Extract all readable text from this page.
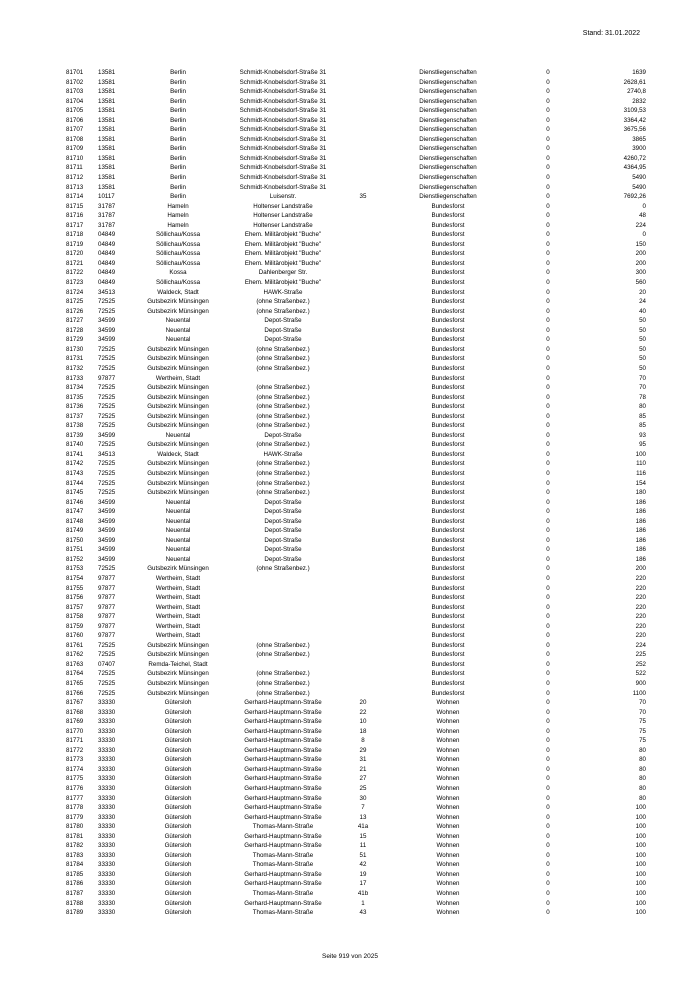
Stand: 31.01.2022
81701	13581	Berlin	Schmidt-Knobelsdorf-Straße 31		Dienstliegenschaften	0	1639
81702	13581	Berlin	Schmidt-Knobelsdorf-Straße 31		Dienstliegenschaften	0	2628,61
81703	13581	Berlin	Schmidt-Knobelsdorf-Straße 31		Dienstliegenschaften	0	2740,8
81704	13581	Berlin	Schmidt-Knobelsdorf-Straße 31		Dienstliegenschaften	0	2832
81705	13581	Berlin	Schmidt-Knobelsdorf-Straße 31		Dienstliegenschaften	0	3109,53
81706	13581	Berlin	Schmidt-Knobelsdorf-Straße 31		Dienstliegenschaften	0	3364,42
81707	13581	Berlin	Schmidt-Knobelsdorf-Straße 31		Dienstliegenschaften	0	3675,56
81708	13581	Berlin	Schmidt-Knobelsdorf-Straße 31		Dienstliegenschaften	0	3865
81709	13581	Berlin	Schmidt-Knobelsdorf-Straße 31		Dienstliegenschaften	0	3900
81710	13581	Berlin	Schmidt-Knobelsdorf-Straße 31		Dienstliegenschaften	0	4260,72
81711	13581	Berlin	Schmidt-Knobelsdorf-Straße 31		Dienstliegenschaften	0	4364,95
81712	13581	Berlin	Schmidt-Knobelsdorf-Straße 31		Dienstliegenschaften	0	5490
81713	13581	Berlin	Schmidt-Knobelsdorf-Straße 31		Dienstliegenschaften	0	5490
81714	10117	Berlin	Luisenstr.	35	Dienstliegenschaften	0	7692,26
81715	31787	Hameln	Holtenser Landstraße		Bundesforst	0	0
81716	31787	Hameln	Holtenser Landstraße		Bundesforst	0	48
81717	31787	Hameln	Holtenser Landstraße		Bundesforst	0	224
81718	04849	Söllichau/Kossa	Ehem. Militärobjekt "Buche"		Bundesforst	0	0
81719	04849	Söllichau/Kossa	Ehem. Militärobjekt "Buche"		Bundesforst	0	150
81720	04849	Söllichau/Kossa	Ehem. Militärobjekt "Buche"		Bundesforst	0	200
81721	04849	Söllichau/Kossa	Ehem. Militärobjekt "Buche"		Bundesforst	0	200
81722	04849	Kossa	Dahlenberger Str.		Bundesforst	0	300
81723	04849	Söllichau/Kossa	Ehem. Militärobjekt "Buche"		Bundesforst	0	560
81724	34513	Waldeck, Stadt	HAWK-Straße		Bundesforst	0	20
81725	72525	Gutsbezirk Münsingen	(ohne Straßenbez.)		Bundesforst	0	24
81726	72525	Gutsbezirk Münsingen	(ohne Straßenbez.)		Bundesforst	0	40
81727	34599	Neuental	Depot-Straße		Bundesforst	0	50
81728	34599	Neuental	Depot-Straße		Bundesforst	0	50
81729	34599	Neuental	Depot-Straße		Bundesforst	0	50
81730	72525	Gutsbezirk Münsingen	(ohne Straßenbez.)		Bundesforst	0	50
81731	72525	Gutsbezirk Münsingen	(ohne Straßenbez.)		Bundesforst	0	50
81732	72525	Gutsbezirk Münsingen	(ohne Straßenbez.)		Bundesforst	0	50
81733	97877	Wertheim, Stadt			Bundesforst	0	70
81734	72525	Gutsbezirk Münsingen	(ohne Straßenbez.)		Bundesforst	0	70
81735	72525	Gutsbezirk Münsingen	(ohne Straßenbez.)		Bundesforst	0	78
81736	72525	Gutsbezirk Münsingen	(ohne Straßenbez.)		Bundesforst	0	80
81737	72525	Gutsbezirk Münsingen	(ohne Straßenbez.)		Bundesforst	0	85
81738	72525	Gutsbezirk Münsingen	(ohne Straßenbez.)		Bundesforst	0	85
81739	34599	Neuental	Depot-Straße		Bundesforst	0	93
81740	72525	Gutsbezirk Münsingen	(ohne Straßenbez.)		Bundesforst	0	95
81741	34513	Waldeck, Stadt	HAWK-Straße		Bundesforst	0	100
81742	72525	Gutsbezirk Münsingen	(ohne Straßenbez.)		Bundesforst	0	110
81743	72525	Gutsbezirk Münsingen	(ohne Straßenbez.)		Bundesforst	0	116
81744	72525	Gutsbezirk Münsingen	(ohne Straßenbez.)		Bundesforst	0	154
81745	72525	Gutsbezirk Münsingen	(ohne Straßenbez.)		Bundesforst	0	180
81746	34599	Neuental	Depot-Straße		Bundesforst	0	186
81747	34599	Neuental	Depot-Straße		Bundesforst	0	186
81748	34599	Neuental	Depot-Straße		Bundesforst	0	186
81749	34599	Neuental	Depot-Straße		Bundesforst	0	186
81750	34599	Neuental	Depot-Straße		Bundesforst	0	186
81751	34599	Neuental	Depot-Straße		Bundesforst	0	186
81752	34599	Neuental	Depot-Straße		Bundesforst	0	186
81753	72525	Gutsbezirk Münsingen	(ohne Straßenbez.)		Bundesforst	0	200
81754	97877	Wertheim, Stadt			Bundesforst	0	220
81755	97877	Wertheim, Stadt			Bundesforst	0	220
81756	97877	Wertheim, Stadt			Bundesforst	0	220
81757	97877	Wertheim, Stadt			Bundesforst	0	220
81758	97877	Wertheim, Stadt			Bundesforst	0	220
81759	97877	Wertheim, Stadt			Bundesforst	0	220
81760	97877	Wertheim, Stadt			Bundesforst	0	220
81761	72525	Gutsbezirk Münsingen	(ohne Straßenbez.)		Bundesforst	0	224
81762	72525	Gutsbezirk Münsingen	(ohne Straßenbez.)		Bundesforst	0	225
81763	07407	Remda-Teichel, Stadt			Bundesforst	0	252
81764	72525	Gutsbezirk Münsingen	(ohne Straßenbez.)		Bundesforst	0	522
81765	72525	Gutsbezirk Münsingen	(ohne Straßenbez.)		Bundesforst	0	900
81766	72525	Gutsbezirk Münsingen	(ohne Straßenbez.)		Bundesforst	0	1100
81767	33330	Gütersloh	Gerhard-Hauptmann-Straße	20	Wohnen	0	70
81768	33330	Gütersloh	Gerhard-Hauptmann-Straße	22	Wohnen	0	70
81769	33330	Gütersloh	Gerhard-Hauptmann-Straße	10	Wohnen	0	75
81770	33330	Gütersloh	Gerhard-Hauptmann-Straße	18	Wohnen	0	75
81771	33330	Gütersloh	Gerhard-Hauptmann-Straße	8	Wohnen	0	75
81772	33330	Gütersloh	Gerhard-Hauptmann-Straße	29	Wohnen	0	80
81773	33330	Gütersloh	Gerhard-Hauptmann-Straße	31	Wohnen	0	80
81774	33330	Gütersloh	Gerhard-Hauptmann-Straße	21	Wohnen	0	80
81775	33330	Gütersloh	Gerhard-Hauptmann-Straße	27	Wohnen	0	80
81776	33330	Gütersloh	Gerhard-Hauptmann-Straße	25	Wohnen	0	80
81777	33330	Gütersloh	Gerhard-Hauptmann-Straße	30	Wohnen	0	80
81778	33330	Gütersloh	Gerhard-Hauptmann-Straße	7	Wohnen	0	100
81779	33330	Gütersloh	Gerhard-Hauptmann-Straße	13	Wohnen	0	100
81780	33330	Gütersloh	Thomas-Mann-Straße	41a	Wohnen	0	100
81781	33330	Gütersloh	Gerhard-Hauptmann-Straße	15	Wohnen	0	100
81782	33330	Gütersloh	Gerhard-Hauptmann-Straße	11	Wohnen	0	100
81783	33330	Gütersloh	Thomas-Mann-Straße	51	Wohnen	0	100
81784	33330	Gütersloh	Thomas-Mann-Straße	42	Wohnen	0	100
81785	33330	Gütersloh	Gerhard-Hauptmann-Straße	19	Wohnen	0	100
81786	33330	Gütersloh	Gerhard-Hauptmann-Straße	17	Wohnen	0	100
81787	33330	Gütersloh	Thomas-Mann-Straße	41b	Wohnen	0	100
81788	33330	Gütersloh	Gerhard-Hauptmann-Straße	1	Wohnen	0	100
81789	33330	Gütersloh	Thomas-Mann-Straße	43	Wohnen	0	100
Seite 919 von 2025
